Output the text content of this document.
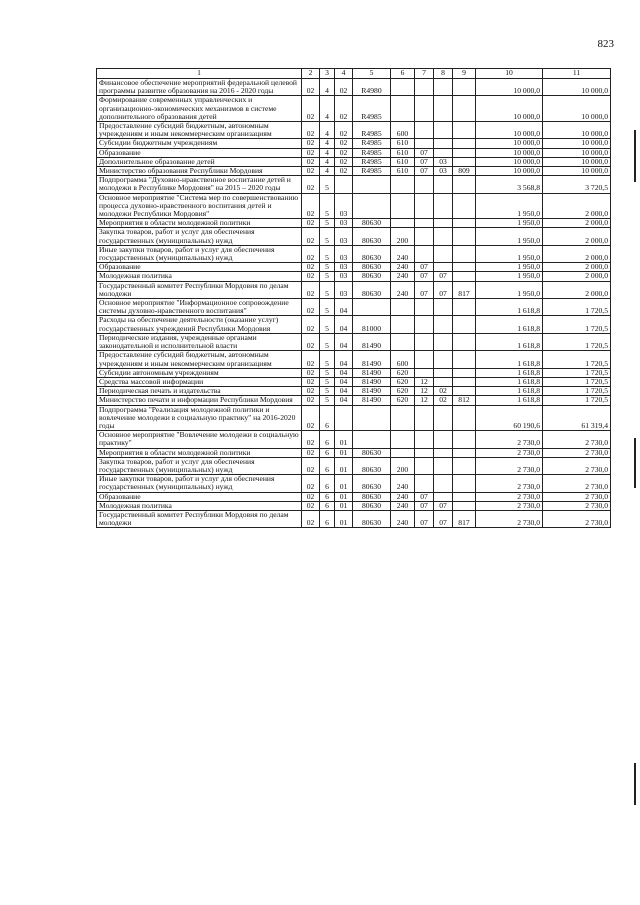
823
1	2	3	4	5	6	7	8	9	10	11
Финансовое обеспечение мероприятий федеральной целевой программы развитие образования на 2016 - 2020 годы	02	4	02	R4980					10 000,0	10 000,0
Формирование современных управленческих и организационно-экономических механизмов в системе дополнительного образования детей	02	4	02	R4985					10 000,0	10 000,0
Предоставление субсидий бюджетным, автономным учреждениям и иным некоммерческим организациям	02	4	02	R4985	600				10 000,0	10 000,0
Субсидии бюджетным учреждениям	02	4	02	R4985	610				10 000,0	10 000,0
Образование	02	4	02	R4985	610	07			10 000,0	10 000,0
Дополнительное образование детей	02	4	02	R4985	610	07	03		10 000,0	10 000,0
Министерство образования Республики Мордовия	02	4	02	R4985	610	07	03	809	10 000,0	10 000,0
Подпрограмма "Духовно-нравственное воспитание детей и молодежи в Республике Мордовия" на 2015 – 2020 годы	02	5							3 568,8	3 720,5
Основное мероприятие "Система мер по совершенствованию процесса духовно-нравственного воспитания детей и молодежи Республики Мордовия"	02	5	03						1 950,0	2 000,0
Мероприятия в области молодежной политики	02	5	03	80630					1 950,0	2 000,0
Закупка товаров, работ и услуг для обеспечения государственных (муниципальных) нужд	02	5	03	80630	200				1 950,0	2 000,0
Иные закупки товаров, работ и услуг для обеспечения государственных (муниципальных) нужд	02	5	03	80630	240				1 950,0	2 000,0
Образование	02	5	03	80630	240	07			1 950,0	2 000,0
Молодежная политика	02	5	03	80630	240	07	07		1 950,0	2 000,0
Государственный комитет Республики Мордовия по делам молодежи	02	5	03	80630	240	07	07	817	1 950,0	2 000,0
Основное мероприятие "Информационное сопровождение системы духовно-нравственного воспитания"	02	5	04						1 618,8	1 720,5
Расходы на обеспечение деятельности (оказание услуг) государственных учреждений Республики Мордовия	02	5	04	81000					1 618,8	1 720,5
Периодические издания, учрежденные органами законодательной и исполнительной власти	02	5	04	81490					1 618,8	1 720,5
Предоставление субсидий бюджетным, автономным учреждениям и иным некоммерческим организациям	02	5	04	81490	600				1 618,8	1 720,5
Субсидии автономным учреждениям	02	5	04	81490	620				1 618,8	1 720,5
Средства массовой информации	02	5	04	81490	620	12			1 618,8	1 720,5
Периодическая печать и издательства	02	5	04	81490	620	12	02		1 618,8	1 720,5
Министерство печати и информации Республики Мордовия	02	5	04	81490	620	12	02	812	1 618,8	1 720,5
Подпрограмма "Реализация молодежной политики и вовлечение молодежи в социальную практику" на 2016-2020 годы	02	6							60 190,6	61 319,4
Основное мероприятие "Вовлечение молодежи в социальную практику"	02	6	01						2 730,0	2 730,0
Мероприятия в области молодежной политики	02	6	01	80630					2 730,0	2 730,0
Закупка товаров, работ и услуг для обеспечения государственных (муниципальных) нужд	02	6	01	80630	200				2 730,0	2 730,0
Иные закупки товаров, работ и услуг для обеспечения государственных (муниципальных) нужд	02	6	01	80630	240				2 730,0	2 730,0
Образование	02	6	01	80630	240	07			2 730,0	2 730,0
Молодежная политика	02	6	01	80630	240	07	07		2 730,0	2 730,0
Государственный комитет Республики Мордовия по делам молодежи	02	6	01	80630	240	07	07	817	2 730,0	2 730,0
